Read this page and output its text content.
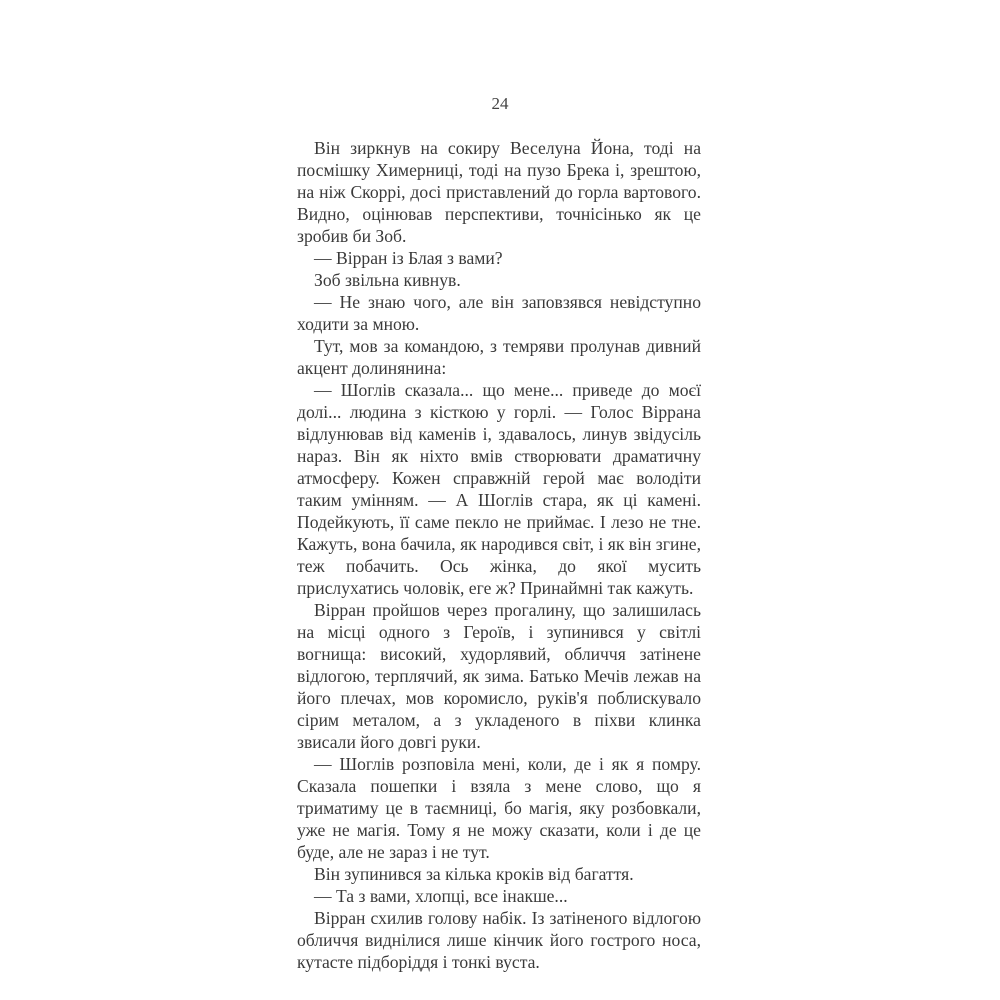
24

Він зиркнув на сокиру Веселуна Йона, тоді на посмішку Химерниці, тоді на пузо Брека і, зрештою, на ніж Скоррі, досі приставлений до горла вартового. Видно, оцінював перспективи, точнісінько як це зробив би Зоб.

— Вірран із Блая з вами?

Зоб звільна кивнув.

— Не знаю чого, але він заповзявся невідступно ходити за мною.

Тут, мов за командою, з темряви пролунав дивний акцент долинянина:

— Шоглів сказала... що мене... приведе до моєї долі... людина з кісткою у горлі. — Голос Віррана відлунював від каменів і, здавалось, линув звідусіль нараз. Він як ніхто вмів створювати драматичну атмосферу. Кожен справжній герой має володіти таким умінням. — А Шоглів стара, як ці камені. Подейкують, її саме пекло не приймає. І лезо не тне. Кажуть, вона бачила, як народився світ, і як він згине, теж побачить. Ось жінка, до якої мусить прислухатись чоловік, еге ж? Принаймні так кажуть.

Вірран пройшов через прогалину, що залишилась на місці одного з Героїв, і зупинився у світлі вогнища: високий, худорлявий, обличчя затінене відлогою, терплячий, як зима. Батько Мечів лежав на його плечах, мов коромисло, руків'я поблискувало сірим металом, а з укладеного в піхви клинка звисали його довгі руки.

— Шоглів розповіла мені, коли, де і як я помру. Сказала пошепки і взяла з мене слово, що я триматиму це в таємниці, бо магія, яку розбовкали, уже не магія. Тому я не можу сказати, коли і де це буде, але не зараз і не тут.

Він зупинився за кілька кроків від багаття.

— Та з вами, хлопці, все інакше...

Вірран схилив голову набік. Із затіненого відлогою обличчя виднілися лише кінчик його гострого носа, кутасте підборіддя і тонкі вуста.
